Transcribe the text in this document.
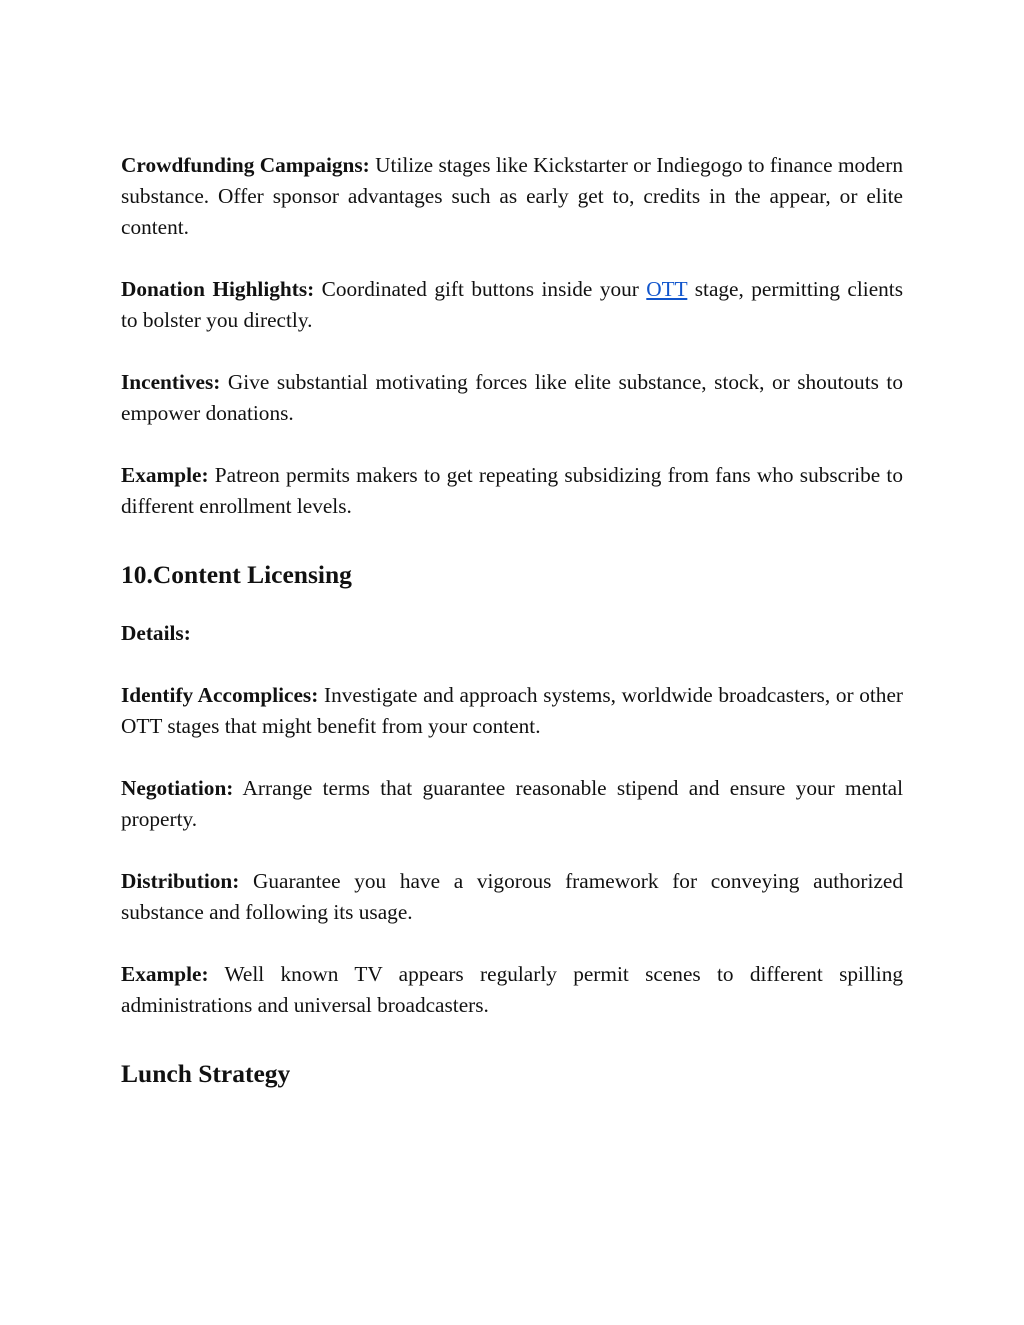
Crowdfunding Campaigns: Utilize stages like Kickstarter or Indiegogo to finance modern substance. Offer sponsor advantages such as early get to, credits in the appear, or elite content.

Donation Highlights: Coordinated gift buttons inside your OTT stage, permitting clients to bolster you directly.

Incentives: Give substantial motivating forces like elite substance, stock, or shoutouts to empower donations.

Example: Patreon permits makers to get repeating subsidizing from fans who subscribe to different enrollment levels.

10.Content Licensing
Details:

Identify Accomplices: Investigate and approach systems, worldwide broadcasters, or other OTT stages that might benefit from your content.

Negotiation: Arrange terms that guarantee reasonable stipend and ensure your mental property.

Distribution: Guarantee you have a vigorous framework for conveying authorized substance and following its usage.

Example: Well known TV appears regularly permit scenes to different spilling administrations and universal broadcasters.

Lunch Strategy
